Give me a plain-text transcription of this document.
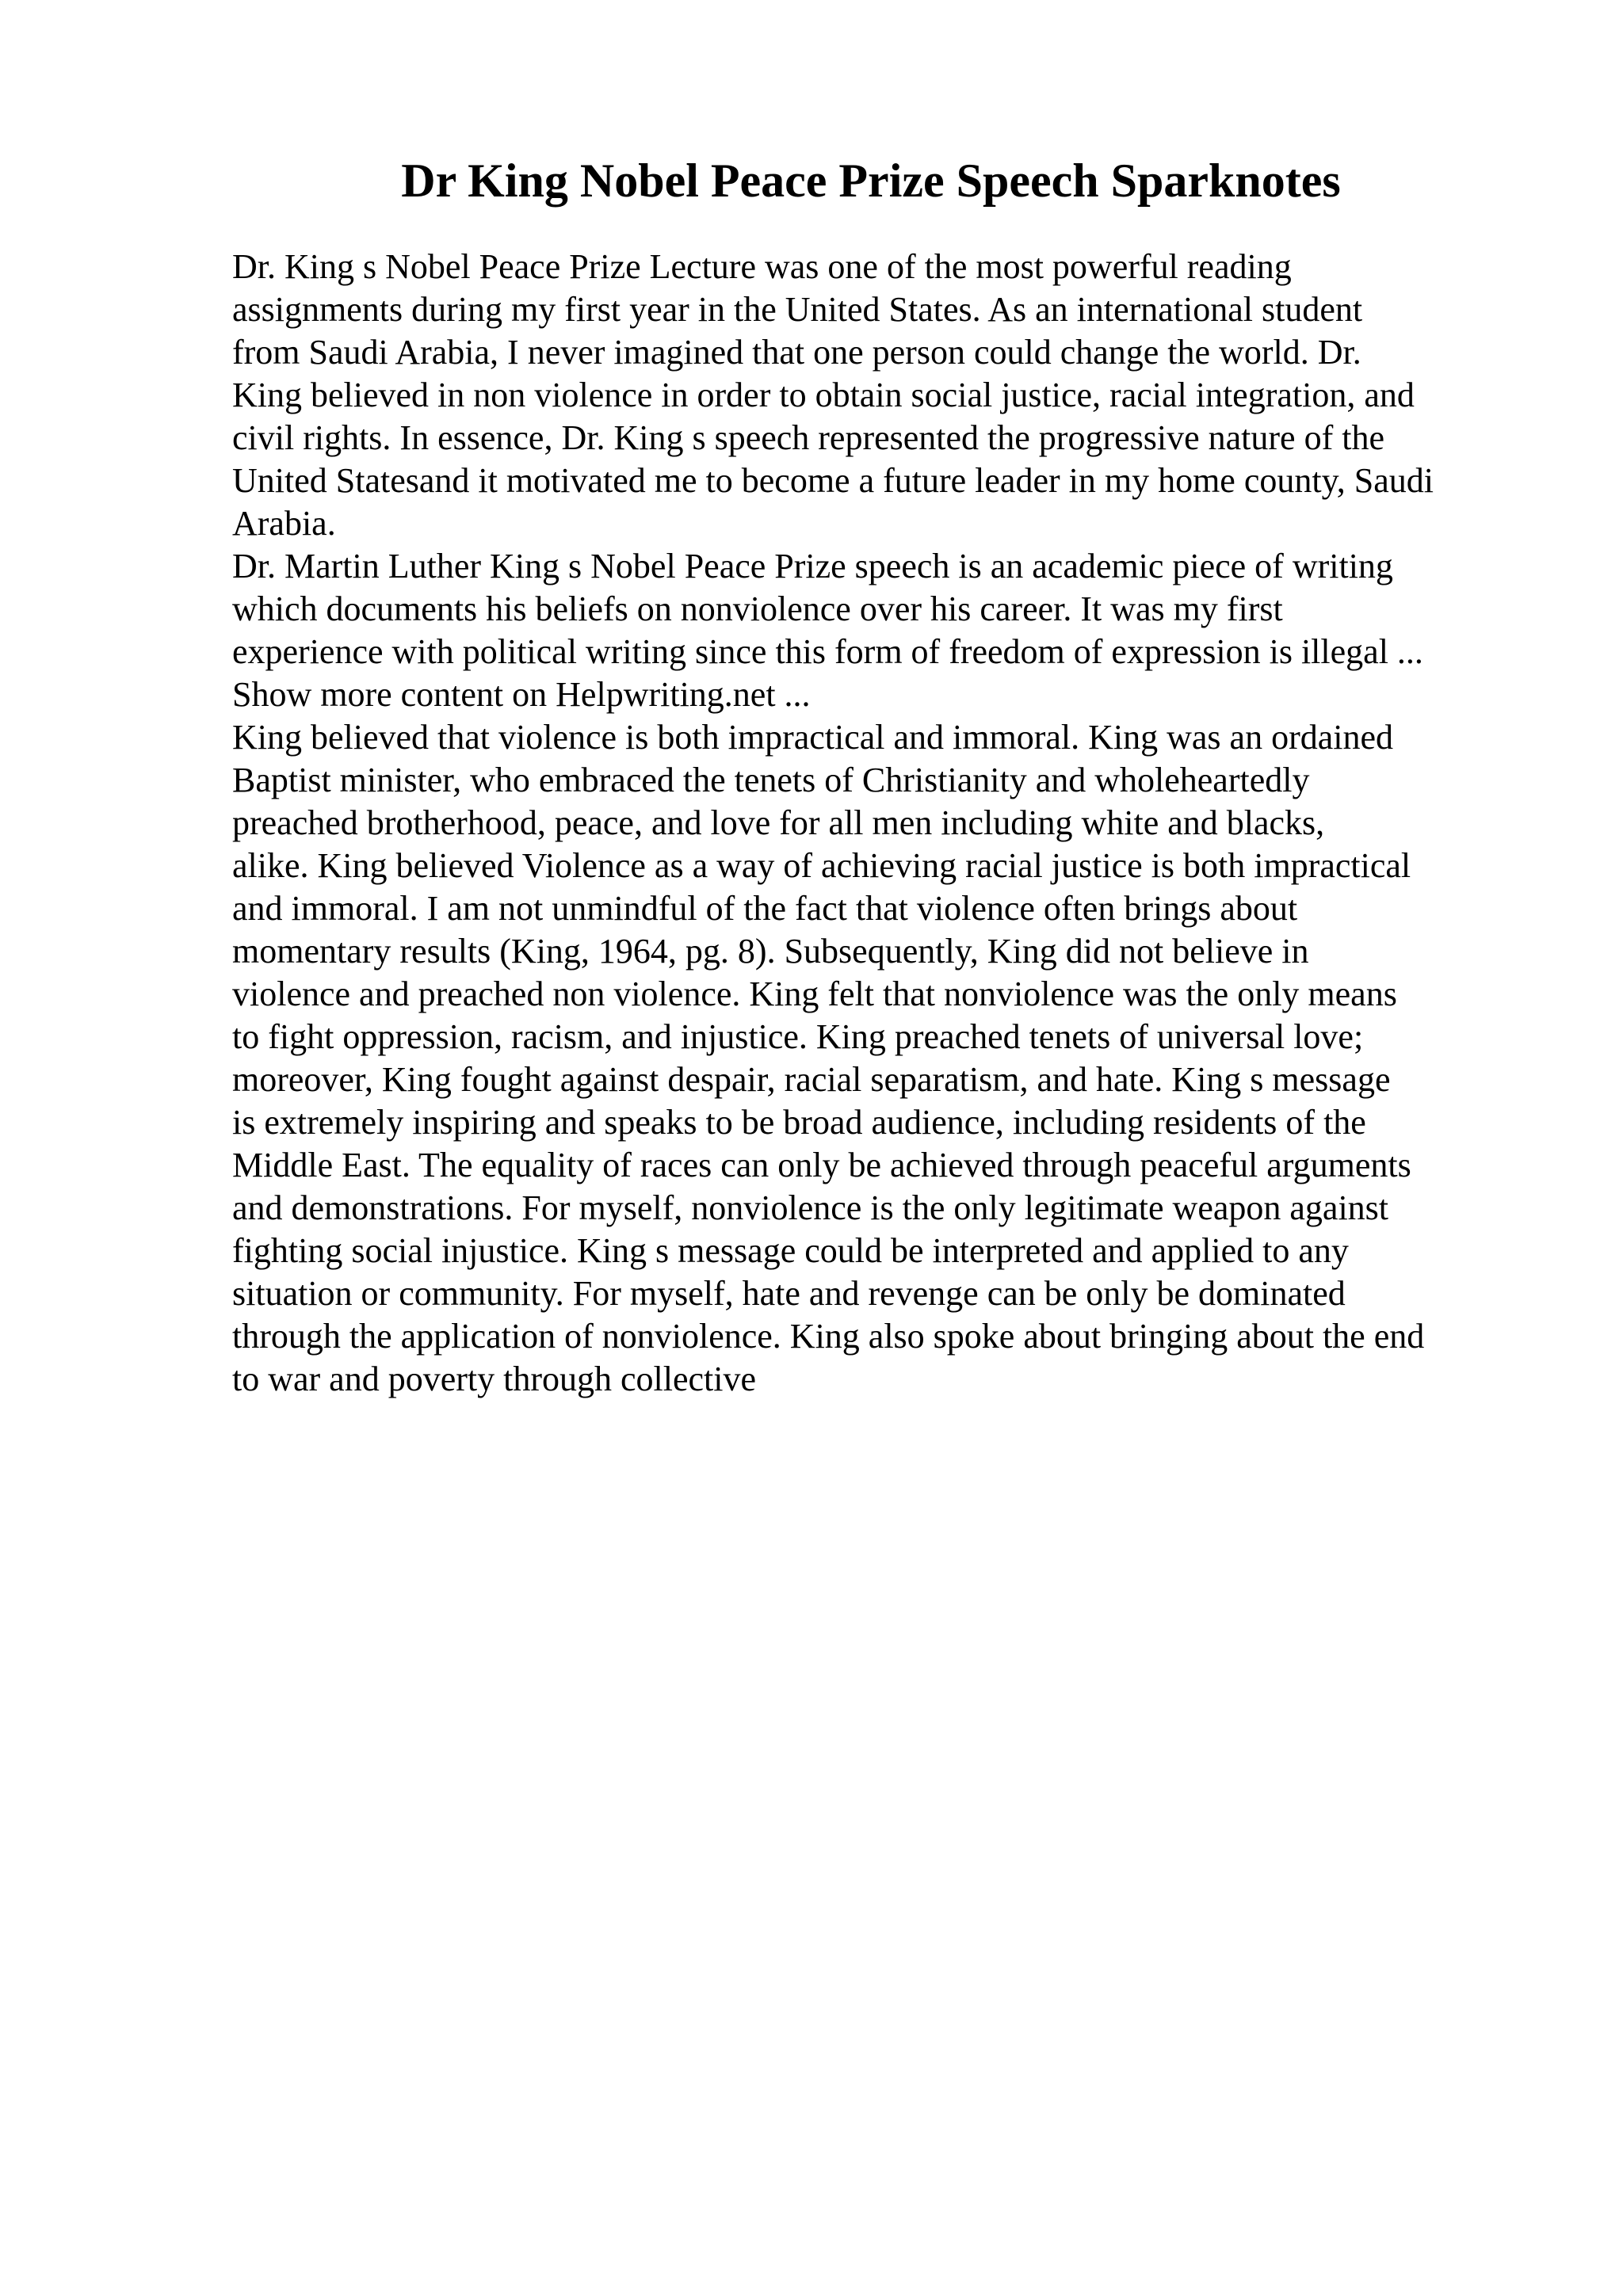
Dr King Nobel Peace Prize Speech Sparknotes
Dr. King s Nobel Peace Prize Lecture was one of the most powerful reading
assignments during my first year in the United States. As an international student
from Saudi Arabia, I never imagined that one person could change the world. Dr.
King believed in non violence in order to obtain social justice, racial integration, and
civil rights. In essence, Dr. King s speech represented the progressive nature of the
United Statesand it motivated me to become a future leader in my home county, Saudi
Arabia.
Dr. Martin Luther King s Nobel Peace Prize speech is an academic piece of writing
which documents his beliefs on nonviolence over his career. It was my first
experience with political writing since this form of freedom of expression is illegal ...
Show more content on Helpwriting.net ...
King believed that violence is both impractical and immoral. King was an ordained
Baptist minister, who embraced the tenets of Christianity and wholeheartedly
preached brotherhood, peace, and love for all men including white and blacks,
alike. King believed Violence as a way of achieving racial justice is both impractical
and immoral. I am not unmindful of the fact that violence often brings about
momentary results (King, 1964, pg. 8). Subsequently, King did not believe in
violence and preached non violence. King felt that nonviolence was the only means
to fight oppression, racism, and injustice. King preached tenets of universal love;
moreover, King fought against despair, racial separatism, and hate. King s message
is extremely inspiring and speaks to be broad audience, including residents of the
Middle East. The equality of races can only be achieved through peaceful arguments
and demonstrations. For myself, nonviolence is the only legitimate weapon against
fighting social injustice. King s message could be interpreted and applied to any
situation or community. For myself, hate and revenge can be only be dominated
through the application of nonviolence. King also spoke about bringing about the end
to war and poverty through collective
